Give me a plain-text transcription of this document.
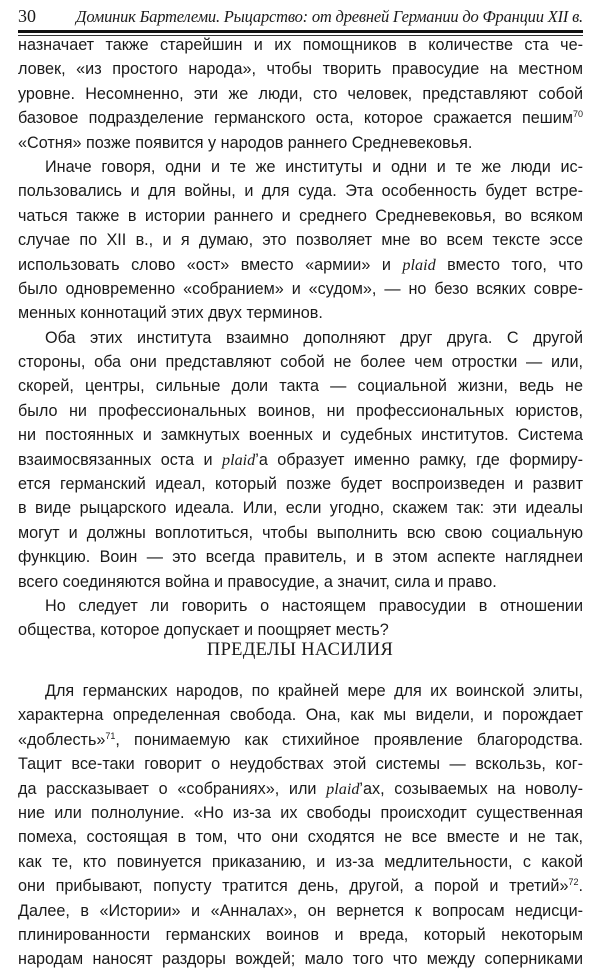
30 Доминик Бартелеми. Рыцарство: от древней Германии до Франции XII в.
назначает также старейшин и их помощников в количестве ста че-
ловек, «из простого народа», чтобы творить правосудие на местном
уровне. Несомненно, эти же люди, сто человек, представляют собой
базовое подразделение германского оста, которое сражается пешим$^{70}$
«Сотня» позже появится у народов раннего Средневековья.
Иначе говоря, одни и те же институты и одни и те же люди ис-
пользовались и для войны, и для суда. Эта особенность будет встре-
чаться также в истории раннего и среднего Средневековья, во всяком
случае по XII в., и я думаю, это позволяет мне во всем тексте эссе
использовать слово «ост» вместо «армии» и plaid вместо того, что
было одновременно «собранием» и «судом», — но безо всяких совре-
менных коннотаций этих двух терминов.
Оба этих института взаимно дополняют друг друга. С другой
стороны, оба они представляют собой не более чем отростки — или,
скорей, центры, сильные доли такта — социальной жизни, ведь не
было ни профессиональных воинов, ни профессиональных юристов,
ни постоянных и замкнутых военных и судебных институтов. Система
взаимосвязанных оста и plaid’а образует именно рамку, где формиру-
ется германский идеал, который позже будет воспроизведен и развит
в виде рыцарского идеала. Или, если угодно, скажем так: эти идеалы
могут и должны воплотиться, чтобы выполнить всю свою социальную
функцию. Воин — это всегда правитель, и в этом аспекте нагляднеи
всего соединяются война и правосудие, а значит, сила и право.
Но следует ли говорить о настоящем правосудии в отношении
общества, которое допускает и поощряет месть?
ПРЕДЕЛЫ НАСИЛИЯ
Для германских народов, по крайней мере для их воинской элиты,
характерна определенная свобода. Она, как мы видели, и порождает
«доблесть»$^{71}$, понимаемую как стихийное проявление благородства.
Тацит все-таки говорит о неудобствах этой системы — вскользь, ког-
да рассказывает о «собраниях», или plaid’ах, созываемых на новолу-
ние или полнолуние. «Но из-за их свободы происходит существенная
помеха, состоящая в том, что они сходятся не все вместе и не так,
как те, кто повинуется приказанию, и из-за медлительности, с какой
они прибывают, попусту тратится день, другой, а порой и третий»$^{72}$.
Далее, в «Истории» и «Анналах», он вернется к вопросам недисци-
плинированности германских воинов и вреда, который некоторым
народам наносят раздоры вождей; мало того что между соперниками
